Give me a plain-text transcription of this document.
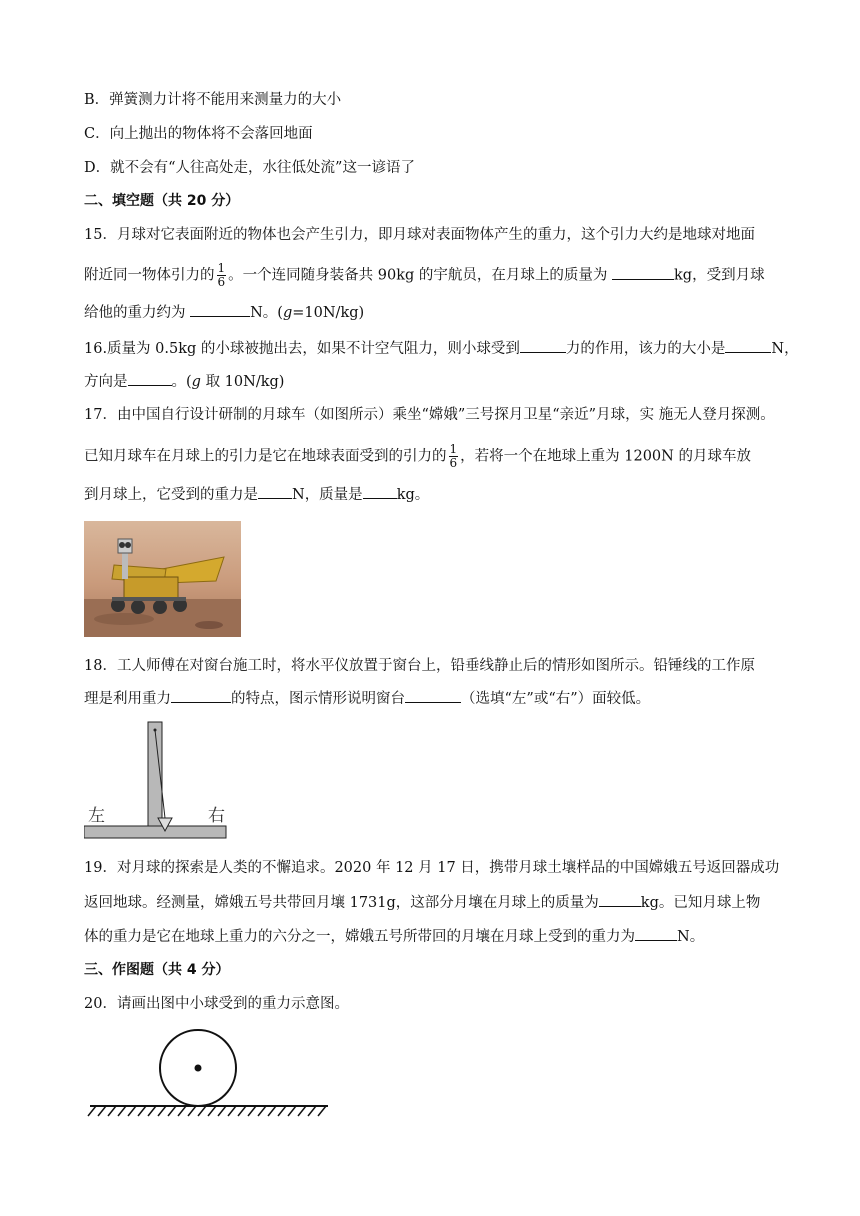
B．弹簧测力计将不能用来测量力的大小
C．向上抛出的物体将不会落回地面
D．就不会有“人往高处走，水往低处流”这一谚语了
二、填空题（共 20 分）
15．月球对它表面附近的物体也会产生引力，即月球对表面物体产生的重力，这个引力大约是地球对地面
附近同一物体引力的 $\frac{1}{6}$ 。一个连同随身装备共 90kg 的宇航员，在月球上的质量为	kg，受到月球
给他的重力约为	N。(g=10N/kg)
16.质量为 0.5kg 的小球被抛出去，如果不计空气阻力，则小球受到	力的作用，该力的大小是	N，
方向是	。(g 取 10N/kg)
17．由中国自行设计研制的月球车（如图所示）乘坐“嫦娥”三号探月卫星“亲近”月球，实 施无人登月探测。
已知月球车在月球上的引力是它在地球表面受到的引力的 $\frac{1}{6}$ ，若将一个在地球上重为 1200N 的月球车放
到月球上，它受到的重力是 N，质量是 kg。
18．工人师傅在对窗台施工时，将水平仪放置于窗台上，铅垂线静止后的情形如图所示。铅锤线的工作原
理是利用重力	的特点，图示情形说明窗台	（选填“左”或“右”）面较低。
左	右
19．对月球的探索是人类的不懈追求。2020 年 12 月 17 日，携带月球土壤样品的中国嫦娥五号返回器成功
返回地球。经测量，嫦娥五号共带回月壤 1731g，这部分月壤在月球上的质量为	kg。已知月球上物
体的重力是它在地球上重力的六分之一，嫦娥五号所带回的月壤在月球上受到的重力为	N。
三、作图题（共 4 分）
20．请画出图中小球受到的重力示意图。
